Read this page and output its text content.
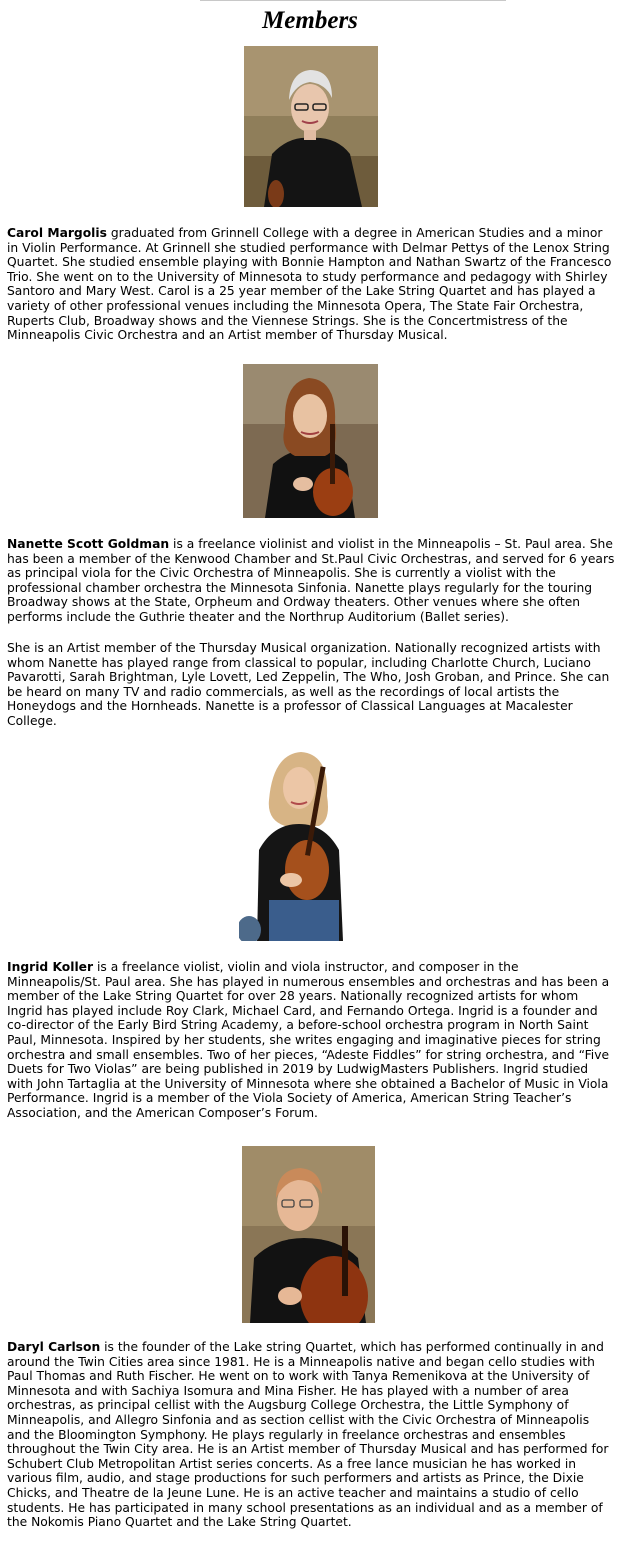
Members

Carol Margolis graduated from Grinnell College with a degree in American Studies and a minor in Violin Performance. At Grinnell she studied performance with Delmar Pettys of the Lenox String Quartet. She studied ensemble playing with Bonnie Hampton and Nathan Swartz of the Francesco Trio. She went on to the University of Minnesota to study performance and pedagogy with Shirley Santoro and Mary West. Carol is a 25 year member of the Lake String Quartet and has played a variety of other professional venues including the Minnesota Opera, The State Fair Orchestra, Ruperts Club, Broadway shows and the Viennese Strings. She is the Concertmistress of the Minneapolis Civic Orchestra and an Artist member of Thursday Musical.

Nanette Scott Goldman is a freelance violinist and violist in the Minneapolis – St. Paul area. She has been a member of the Kenwood Chamber and St.Paul Civic Orchestras, and served for 6 years as principal viola for the Civic Orchestra of Minneapolis. She is currently a violist with the professional chamber orchestra the Minnesota Sinfonia. Nanette plays regularly for the touring Broadway shows at the State, Orpheum and Ordway theaters. Other venues where she often performs include the Guthrie theater and the Northrup Auditorium (Ballet series).

She is an Artist member of the Thursday Musical organization. Nationally recognized artists with whom Nanette has played range from classical to popular, including Charlotte Church, Luciano Pavarotti, Sarah Brightman, Lyle Lovett, Led Zeppelin, The Who, Josh Groban, and Prince. She can be heard on many TV and radio commercials, as well as the recordings of local artists the Honeydogs and the Hornheads. Nanette is a professor of Classical Languages at Macalester College.

Ingrid Koller is a freelance violist, violin and viola instructor, and composer in the Minneapolis/St. Paul area. She has played in numerous ensembles and orchestras and has been a member of the Lake String Quartet for over 28 years. Nationally recognized artists for whom Ingrid has played include Roy Clark, Michael Card, and Fernando Ortega. Ingrid is a founder and co-director of the Early Bird String Academy, a before-school orchestra program in North Saint Paul, Minnesota. Inspired by her students, she writes engaging and imaginative pieces for string orchestra and small ensembles. Two of her pieces, “Adeste Fiddles” for string orchestra, and “Five Duets for Two Violas” are being published in 2019 by LudwigMasters Publishers. Ingrid studied with John Tartaglia at the University of Minnesota where she obtained a Bachelor of Music in Viola Performance. Ingrid is a member of the Viola Society of America, American String Teacher’s Association, and the American Composer’s Forum.

Daryl Carlson is the founder of the Lake string Quartet, which has performed continually in and around the Twin Cities area since 1981. He is a Minneapolis native and began cello studies with Paul Thomas and Ruth Fischer. He went on to work with Tanya Remenikova at the University of Minnesota and with Sachiya Isomura and Mina Fisher. He has played with a number of area orchestras, as principal cellist with the Augsburg College Orchestra, the Little Symphony of Minneapolis, and Allegro Sinfonia and as section cellist with the Civic Orchestra of Minneapolis and the Bloomington Symphony. He plays regularly in freelance orchestras and ensembles throughout the Twin City area. He is an Artist member of Thursday Musical and has performed for Schubert Club Metropolitan Artist series concerts. As a free lance musician he has worked in various film, audio, and stage productions for such performers and artists as Prince, the Dixie Chicks, and Theatre de la Jeune Lune. He is an active teacher and maintains a studio of cello students. He has participated in many school presentations as an individual and as a member of the Nokomis Piano Quartet and the Lake String Quartet.
